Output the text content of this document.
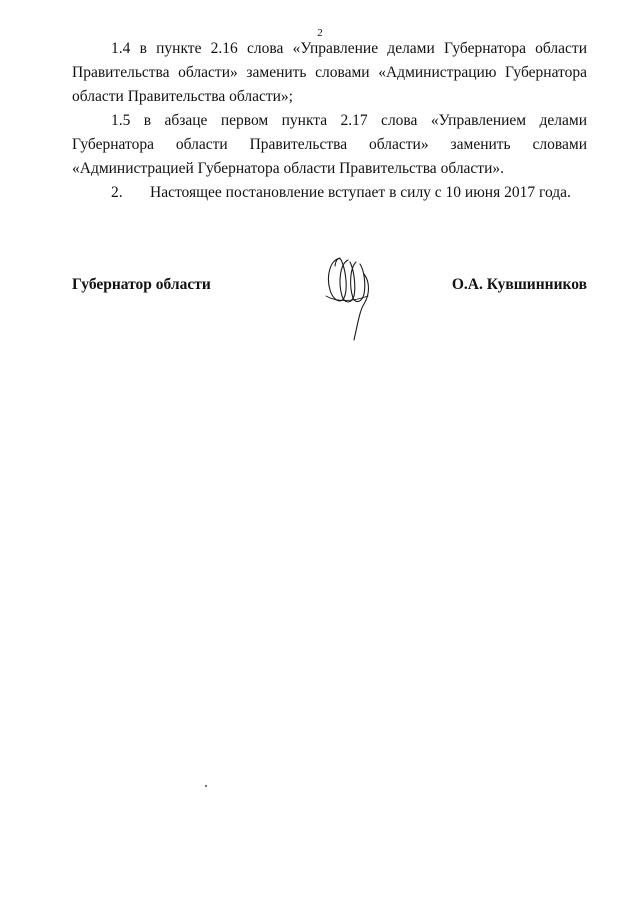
2

1.4 в пункте 2.16 слова «Управление делами Губернатора области Правительства области» заменить словами «Администрацию Губернатора области Правительства области»;

1.5 в абзаце первом пункта 2.17 слова «Управлением делами Губернатора области Правительства области» заменить словами «Администрацией Губернатора области Правительства области».

2.	Настоящее постановление вступает в силу с 10 июня 2017 года.

Губернатор области	О.А. Кувшинников
